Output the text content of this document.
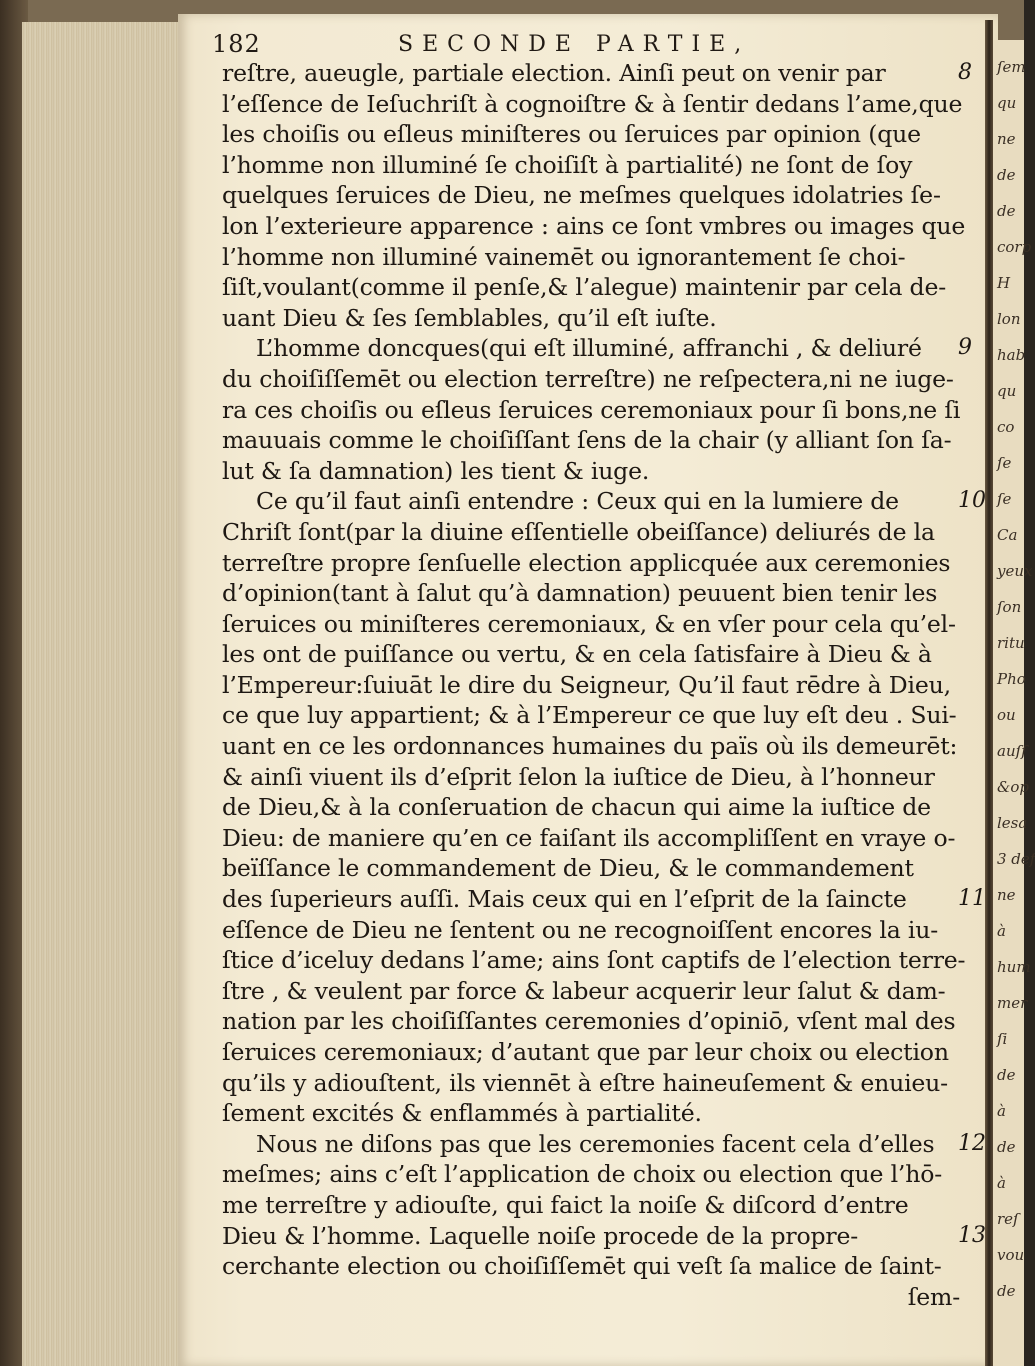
ſem
qu
ne
de
de
corp
H
lon
hab
qu
co
ſe
ſe
Ca
yeux
ſon
ritu
Pho
ou
auſſ
&op
lesa
3 def
ne
à
hum
mer
ſi
de
à
de
à
reſ
vou
de
182	SECONDE PARTIE,
reſtre, aueugle, partiale election. Ainſi peut on venir par
l’eſſence de Ieſuchriſt à cognoiſtre & à ſentir dedans l’ame,que
les choiſis ou eſleus miniſteres ou ſeruices par opinion (que
l’homme non illuminé ſe choiſiſt à partialité) ne ſont de ſoy
quelques ſeruices de Dieu, ne meſmes quelques idolatries ſe-
lon l’exterieure apparence : ains ce ſont vmbres ou images que
l’homme non illuminé vainemēt ou ignorantement ſe choi-
ſiſt,voulant(comme il penſe,& l’alegue) maintenir par cela de-
uant Dieu & ſes ſemblables, qu’il eſt iuſte.
L’homme doncques(qui eſt illuminé, affranchi , & deliuré
du choiſiſſemēt ou election terreſtre) ne reſpectera,ni ne iuge-
ra ces choiſis ou eſleus ſeruices ceremoniaux pour ſi bons,ne ſi
mauuais comme le choiſiſſant ſens de la chair (y alliant ſon ſa-
lut & ſa damnation) les tient & iuge.
Ce qu’il faut ainſi entendre : Ceux qui en la lumiere de
Chriſt ſont(par la diuine eſſentielle obeiſſance) deliurés de la
terreſtre propre ſenſuelle election applicquée aux ceremonies
d’opinion(tant à ſalut qu’à damnation) peuuent bien tenir les
ſeruices ou miniſteres ceremoniaux, & en vſer pour cela qu’el-
les ont de puiſſance ou vertu, & en cela ſatisfaire à Dieu & à
l’Empereur:ſuiuāt le dire du Seigneur, Qu’il faut rēdre à Dieu,
ce que luy appartient; & à l’Empereur ce que luy eſt deu . Sui-
uant en ce les ordonnances humaines du païs où ils demeurēt:
& ainſi viuent ils d’eſprit ſelon la iuſtice de Dieu, à l’honneur
de Dieu,& à la conſeruation de chacun qui aime la iuſtice de
Dieu: de maniere qu’en ce faiſant ils accompliſſent en vraye o-
beïſſance le commandement de Dieu, & le commandement
des ſuperieurs auſſi. Mais ceux qui en l’eſprit de la ſaincte
eſſence de Dieu ne ſentent ou ne recognoiſſent encores la iu-
ſtice d’iceluy dedans l’ame; ains ſont captifs de l’election terre-
ſtre , & veulent par force & labeur acquerir leur ſalut & dam-
nation par les choiſiſſantes ceremonies d’opiniō, vſent mal des
ſeruices ceremoniaux; d’autant que par leur choix ou election
qu’ils y adiouſtent, ils viennēt à eſtre haineuſement & enuieu-
ſement excités & enflammés à partialité.
Nous ne diſons pas que les ceremonies facent cela d’elles
meſmes; ains c’eſt l’application de choix ou election que l’hō-
me terreſtre y adiouſte, qui faict la noiſe & diſcord d’entre
Dieu & l’homme. Laquelle noiſe procede de la propre-
cerchante election ou choiſiſſemēt qui veſt ſa malice de ſaint-
ſem-
8
9
10
11
12
13
